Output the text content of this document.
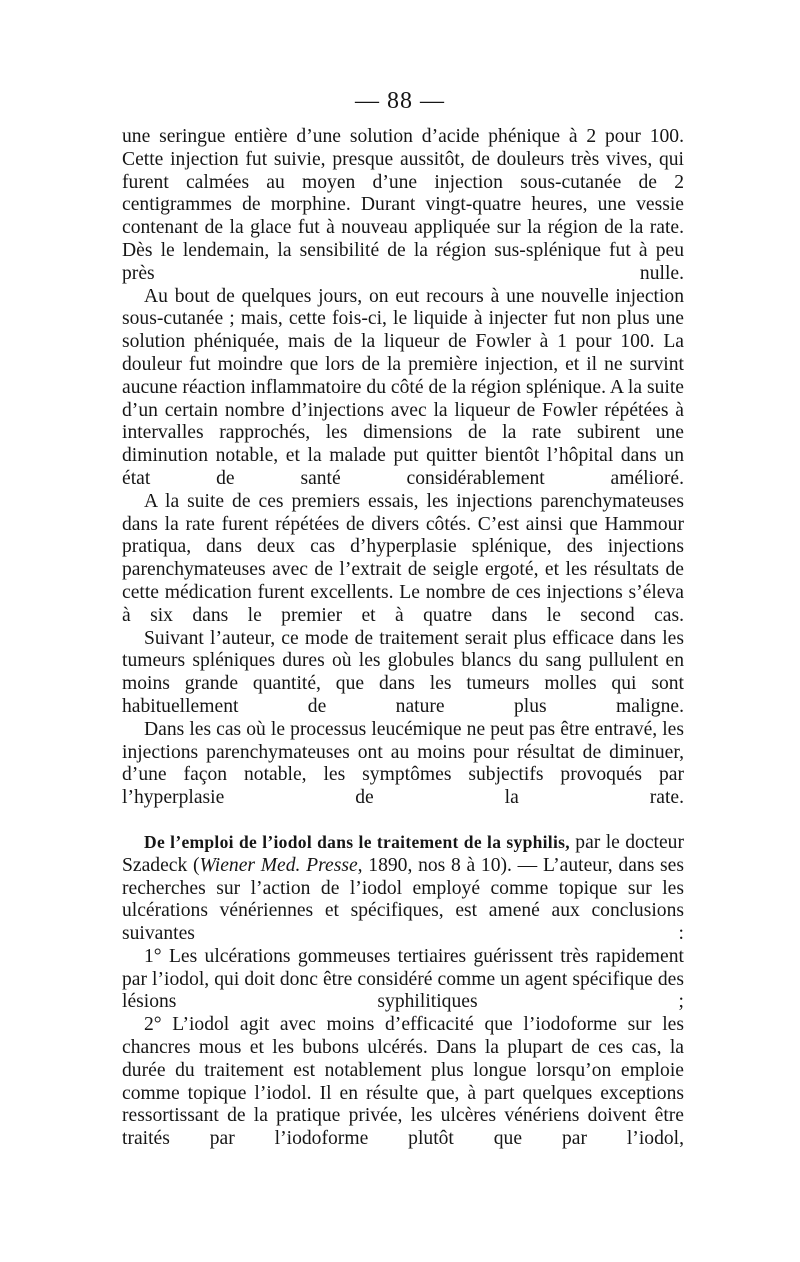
— 88 —

une seringue entière d’une solution d’acide phénique à 2 pour 100. Cette injection fut suivie, presque aussitôt, de douleurs très vives, qui furent calmées au moyen d’une injection sous-cutanée de 2 centigrammes de morphine. Durant vingt-quatre heures, une vessie contenant de la glace fut à nouveau appliquée sur la région de la rate. Dès le lendemain, la sensibilité de la région sus-splénique fut à peu près nulle.

Au bout de quelques jours, on eut recours à une nouvelle injection sous-cutanée ; mais, cette fois-ci, le liquide à injecter fut non plus une solution phéniquée, mais de la liqueur de Fowler à 1 pour 100. La douleur fut moindre que lors de la première injection, et il ne survint aucune réaction inflammatoire du côté de la région splénique. A la suite d’un certain nombre d’injections avec la liqueur de Fowler répétées à intervalles rapprochés, les dimensions de la rate subirent une diminution notable, et la malade put quitter bientôt l’hôpital dans un état de santé considérablement amélioré.

A la suite de ces premiers essais, les injections parenchymateuses dans la rate furent répétées de divers côtés. C’est ainsi que Hammour pratiqua, dans deux cas d’hyperplasie splénique, des injections parenchymateuses avec de l’extrait de seigle ergoté, et les résultats de cette médication furent excellents. Le nombre de ces injections s’éleva à six dans le premier et à quatre dans le second cas.

Suivant l’auteur, ce mode de traitement serait plus efficace dans les tumeurs spléniques dures où les globules blancs du sang pullulent en moins grande quantité, que dans les tumeurs molles qui sont habituellement de nature plus maligne.

Dans les cas où le processus leucémique ne peut pas être entravé, les injections parenchymateuses ont au moins pour résultat de diminuer, d’une façon notable, les symptômes subjectifs provoqués par l’hyperplasie de la rate.

De l’emploi de l’iodol dans le traitement de la syphilis, par le docteur Szadeck (Wiener Med. Presse, 1890, nos 8 à 10). — L’auteur, dans ses recherches sur l’action de l’iodol employé comme topique sur les ulcérations vénériennes et spécifiques, est amené aux conclusions suivantes :

1° Les ulcérations gommeuses tertiaires guérissent très rapidement par l’iodol, qui doit donc être considéré comme un agent spécifique des lésions syphilitiques ;

2° L’iodol agit avec moins d’efficacité que l’iodoforme sur les chancres mous et les bubons ulcérés. Dans la plupart de ces cas, la durée du traitement est notablement plus longue lorsqu’on emploie comme topique l’iodol. Il en résulte que, à part quelques exceptions ressortissant de la pratique privée, les ulcères vénériens doivent être traités par l’iodoforme plutôt que par l’iodol,
